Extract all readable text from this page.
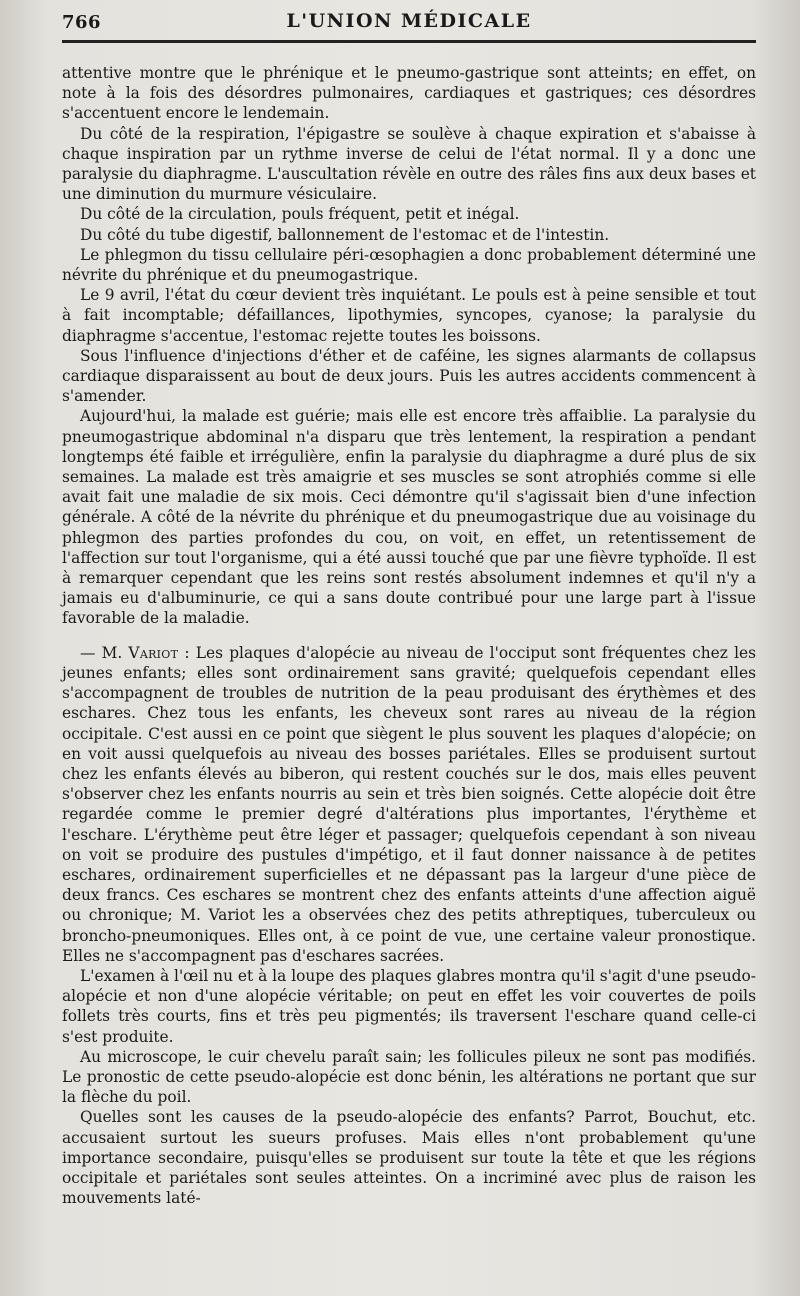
766	L'UNION MÉDICALE

attentive montre que le phrénique et le pneumo-gastrique sont atteints; en effet, on note à la fois des désordres pulmonaires, cardiaques et gastriques; ces désordres s'accentuent encore le lendemain.

Du côté de la respiration, l'épigastre se soulève à chaque expiration et s'abaisse à chaque inspiration par un rythme inverse de celui de l'état normal. Il y a donc une paralysie du diaphragme. L'auscultation révèle en outre des râles fins aux deux bases et une diminution du murmure vésiculaire.

Du côté de la circulation, pouls fréquent, petit et inégal.

Du côté du tube digestif, ballonnement de l'estomac et de l'intestin.

Le phlegmon du tissu cellulaire péri-œsophagien a donc probablement déterminé une névrite du phrénique et du pneumogastrique.

Le 9 avril, l'état du cœur devient très inquiétant. Le pouls est à peine sensible et tout à fait incomptable; défaillances, lipothymies, syncopes, cyanose; la paralysie du diaphragme s'accentue, l'estomac rejette toutes les boissons.

Sous l'influence d'injections d'éther et de caféine, les signes alarmants de collapsus cardiaque disparaissent au bout de deux jours. Puis les autres accidents commencent à s'amender.

Aujourd'hui, la malade est guérie; mais elle est encore très affaiblie. La paralysie du pneumogastrique abdominal n'a disparu que très lentement, la respiration a pendant longtemps été faible et irrégulière, enfin la paralysie du diaphragme a duré plus de six semaines. La malade est très amaigrie et ses muscles se sont atrophiés comme si elle avait fait une maladie de six mois. Ceci démontre qu'il s'agissait bien d'une infection générale. A côté de la névrite du phrénique et du pneumogastrique due au voisinage du phlegmon des parties profondes du cou, on voit, en effet, un retentissement de l'affection sur tout l'organisme, qui a été aussi touché que par une fièvre typhoïde. Il est à remarquer cependant que les reins sont restés absolument indemnes et qu'il n'y a jamais eu d'albuminurie, ce qui a sans doute contribué pour une large part à l'issue favorable de la maladie.

— M. Variot : Les plaques d'alopécie au niveau de l'occiput sont fréquentes chez les jeunes enfants; elles sont ordinairement sans gravité; quelquefois cependant elles s'accompagnent de troubles de nutrition de la peau produisant des érythèmes et des eschares. Chez tous les enfants, les cheveux sont rares au niveau de la région occipitale. C'est aussi en ce point que siègent le plus souvent les plaques d'alopécie; on en voit aussi quelquefois au niveau des bosses pariétales. Elles se produisent surtout chez les enfants élevés au biberon, qui restent couchés sur le dos, mais elles peuvent s'observer chez les enfants nourris au sein et très bien soignés. Cette alopécie doit être regardée comme le premier degré d'altérations plus importantes, l'érythème et l'eschare. L'érythème peut être léger et passager; quelquefois cependant à son niveau on voit se produire des pustules d'impétigo, et il faut donner naissance à de petites eschares, ordinairement superficielles et ne dépassant pas la largeur d'une pièce de deux francs. Ces eschares se montrent chez des enfants atteints d'une affection aiguë ou chronique; M. Variot les a observées chez des petits athreptiques, tuberculeux ou broncho-pneumoniques. Elles ont, à ce point de vue, une certaine valeur pronostique. Elles ne s'accompagnent pas d'eschares sacrées.

L'examen à l'œil nu et à la loupe des plaques glabres montra qu'il s'agit d'une pseudo-alopécie et non d'une alopécie véritable; on peut en effet les voir couvertes de poils follets très courts, fins et très peu pigmentés; ils traversent l'eschare quand celle-ci s'est produite.

Au microscope, le cuir chevelu paraît sain; les follicules pileux ne sont pas modifiés. Le pronostic de cette pseudo-alopécie est donc bénin, les altérations ne portant que sur la flèche du poil.

Quelles sont les causes de la pseudo-alopécie des enfants? Parrot, Bouchut, etc. accusaient surtout les sueurs profuses. Mais elles n'ont probablement qu'une importance secondaire, puisqu'elles se produisent sur toute la tête et que les régions occipitale et pariétales sont seules atteintes. On a incriminé avec plus de raison les mouvements laté-
